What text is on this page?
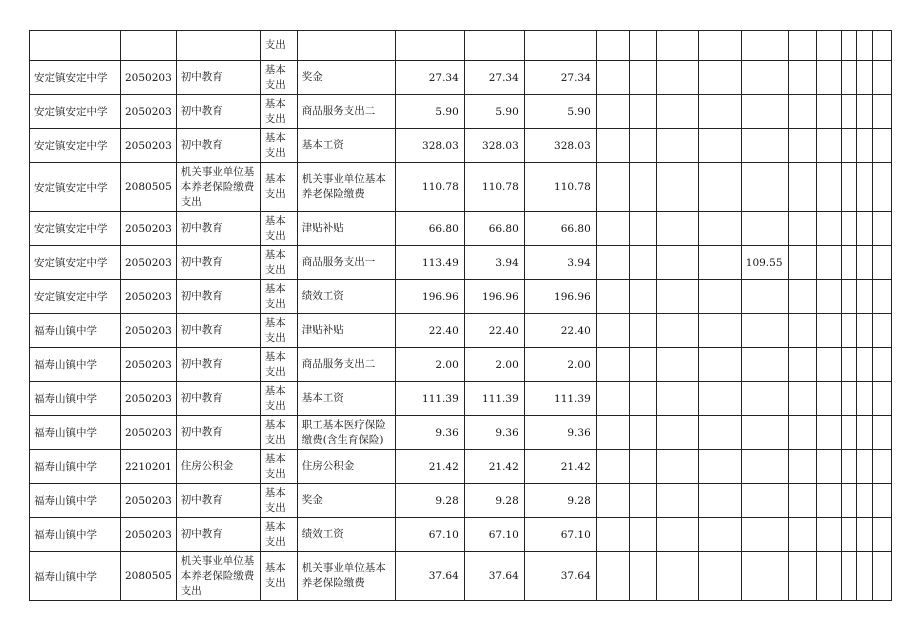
			支出														
安定镇安定中学	2050203	初中教育	基本支出	奖金	27.34	27.34	27.34										
安定镇安定中学	2050203	初中教育	基本支出	商品服务支出二	5.90	5.90	5.90										
安定镇安定中学	2050203	初中教育	基本支出	基本工资	328.03	328.03	328.03										
安定镇安定中学	2080505	机关事业单位基本养老保险缴费支出	基本支出	机关事业单位基本养老保险缴费	110.78	110.78	110.78										
安定镇安定中学	2050203	初中教育	基本支出	津贴补贴	66.80	66.80	66.80										
安定镇安定中学	2050203	初中教育	基本支出	商品服务支出一	113.49	3.94	3.94					109.55					
安定镇安定中学	2050203	初中教育	基本支出	绩效工资	196.96	196.96	196.96										
福寿山镇中学	2050203	初中教育	基本支出	津贴补贴	22.40	22.40	22.40										
福寿山镇中学	2050203	初中教育	基本支出	商品服务支出二	2.00	2.00	2.00										
福寿山镇中学	2050203	初中教育	基本支出	基本工资	111.39	111.39	111.39										
福寿山镇中学	2050203	初中教育	基本支出	职工基本医疗保险缴费(含生育保险)	9.36	9.36	9.36										
福寿山镇中学	2210201	住房公积金	基本支出	住房公积金	21.42	21.42	21.42										
福寿山镇中学	2050203	初中教育	基本支出	奖金	9.28	9.28	9.28										
福寿山镇中学	2050203	初中教育	基本支出	绩效工资	67.10	67.10	67.10										
福寿山镇中学	2080505	机关事业单位基本养老保险缴费支出	基本支出	机关事业单位基本养老保险缴费	37.64	37.64	37.64										
